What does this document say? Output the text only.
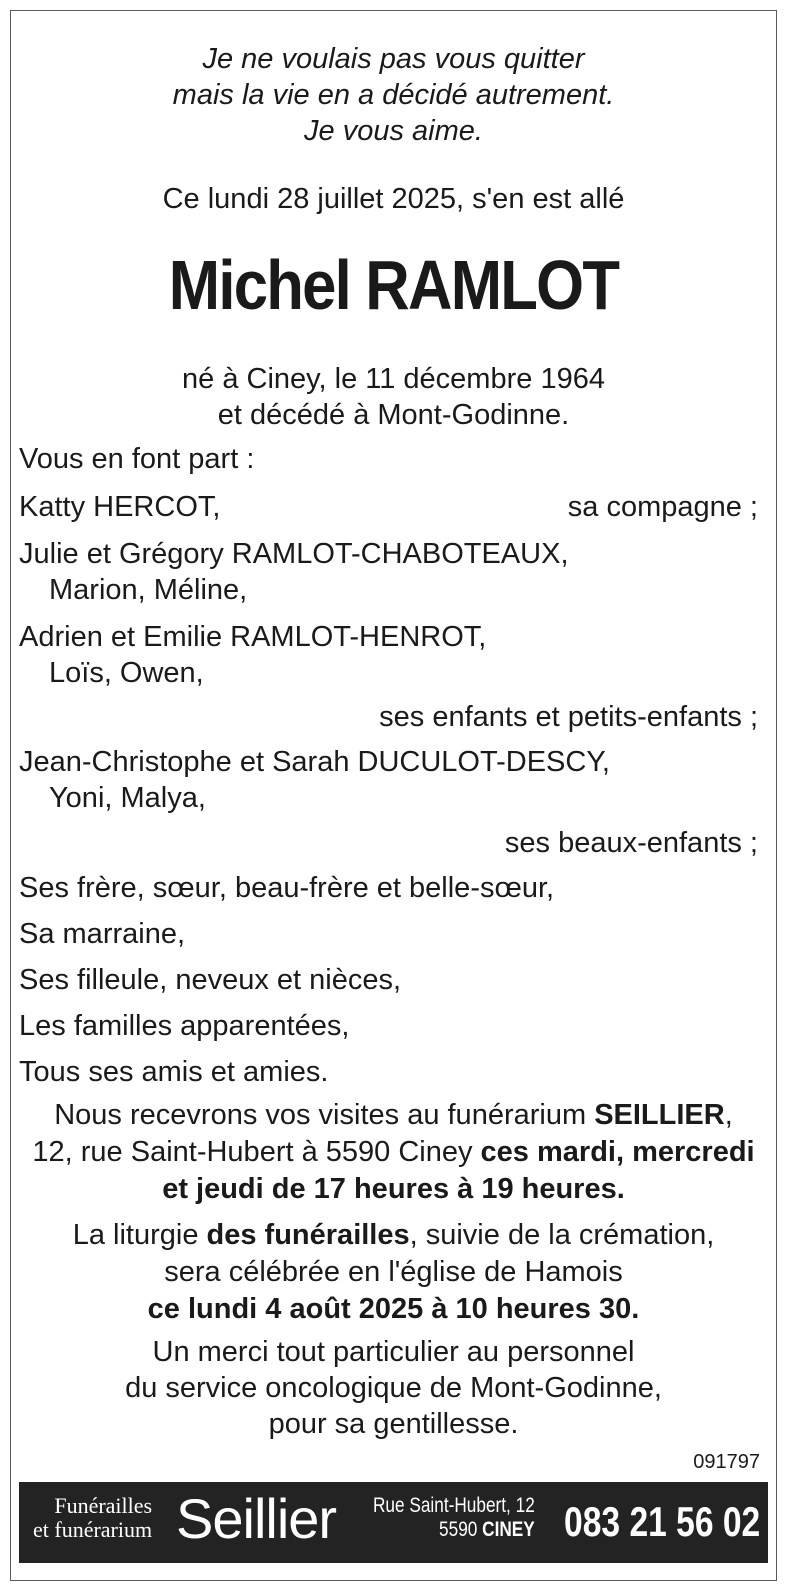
Je ne voulais pas vous quitter
mais la vie en a décidé autrement.
Je vous aime.
Ce lundi 28 juillet 2025, s'en est allé
Michel RAMLOT
né à Ciney, le 11 décembre 1964
et décédé à Mont-Godinne.
Vous en font part :
Katty HERCOT,	sa compagne ;
Julie et Grégory RAMLOT-CHABOTEAUX,
Marion, Méline,
Adrien et Emilie RAMLOT-HENROT,
Loïs, Owen,
ses enfants et petits-enfants ;
Jean-Christophe et Sarah DUCULOT-DESCY,
Yoni, Malya,
ses beaux-enfants ;
Ses frère, sœur, beau-frère et belle-sœur,
Sa marraine,
Ses filleule, neveux et nièces,
Les familles apparentées,
Tous ses amis et amies.
Nous recevrons vos visites au funérarium SEILLIER,
12, rue Saint-Hubert à 5590 Ciney ces mardi, mercredi
et jeudi de 17 heures à 19 heures.
La liturgie des funérailles, suivie de la crémation,
sera célébrée en l'église de Hamois
ce lundi 4 août 2025 à 10 heures 30.
Un merci tout particulier au personnel
du service oncologique de Mont-Godinne,
pour sa gentillesse.
091797
Funérailles
et funérarium Seillier Rue Saint-Hubert, 12
5590 CINEY 083 21 56 02
